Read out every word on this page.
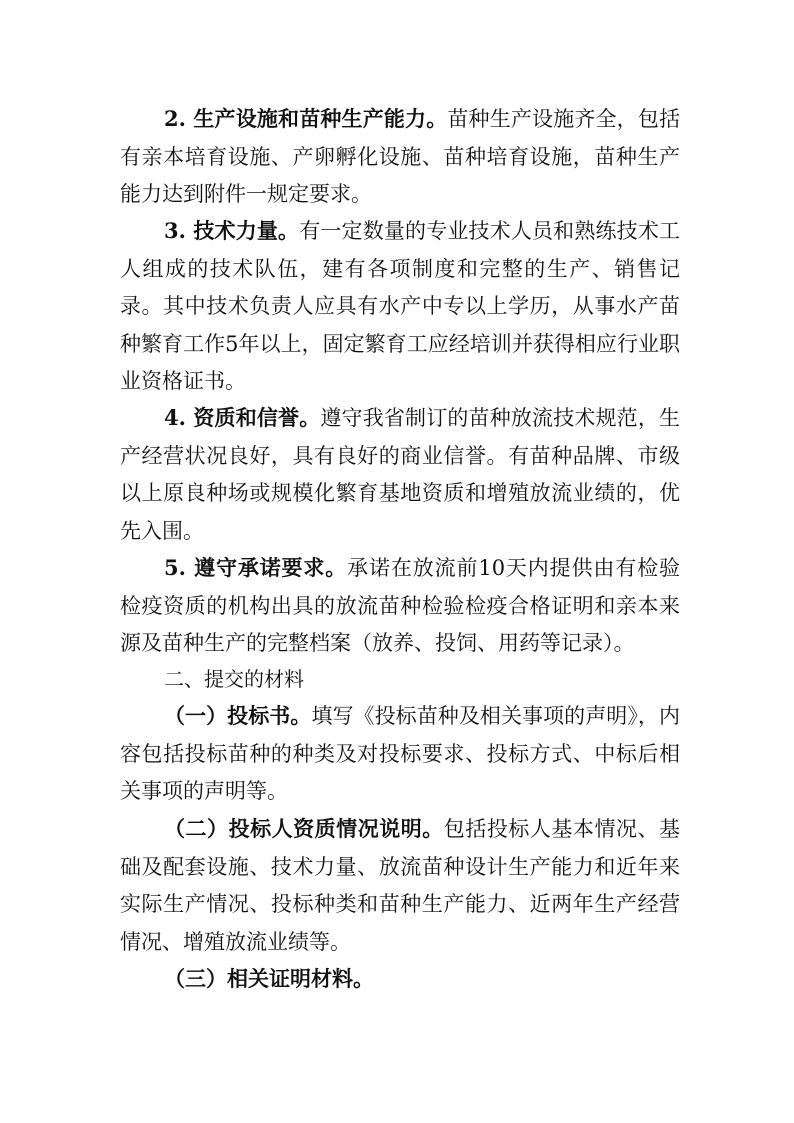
2. 生产设施和苗种生产能力。苗种生产设施齐全，包括有亲本培育设施、产卵孵化设施、苗种培育设施，苗种生产能力达到附件一规定要求。

3. 技术力量。有一定数量的专业技术人员和熟练技术工人组成的技术队伍，建有各项制度和完整的生产、销售记录。其中技术负责人应具有水产中专以上学历，从事水产苗种繁育工作5年以上，固定繁育工应经培训并获得相应行业职业资格证书。

4. 资质和信誉。遵守我省制订的苗种放流技术规范，生产经营状况良好，具有良好的商业信誉。有苗种品牌、市级以上原良种场或规模化繁育基地资质和增殖放流业绩的，优先入围。

5. 遵守承诺要求。承诺在放流前10天内提供由有检验检疫资质的机构出具的放流苗种检验检疫合格证明和亲本来源及苗种生产的完整档案（放养、投饲、用药等记录）。

二、提交的材料

（一）投标书。填写《投标苗种及相关事项的声明》，内容包括投标苗种的种类及对投标要求、投标方式、中标后相关事项的声明等。

（二）投标人资质情况说明。包括投标人基本情况、基础及配套设施、技术力量、放流苗种设计生产能力和近年来实际生产情况、投标种类和苗种生产能力、近两年生产经营情况、增殖放流业绩等。

（三）相关证明材料。
